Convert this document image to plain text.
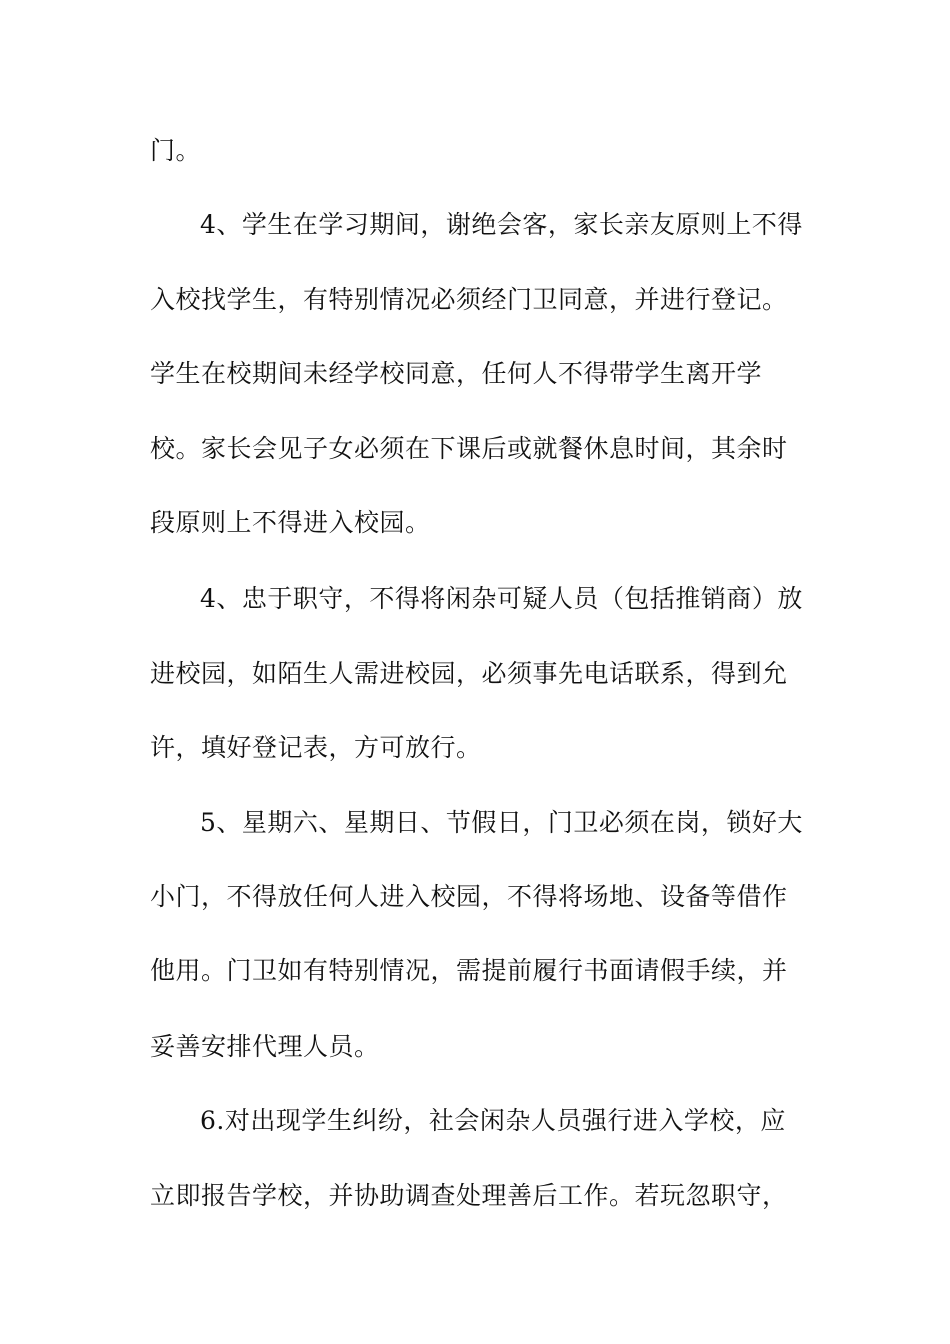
门。
4、学生在学习期间，谢绝会客，家长亲友原则上不得
入校找学生，有特别情况必须经门卫同意，并进行登记。
学生在校期间未经学校同意，任何人不得带学生离开学
校。家长会见子女必须在下课后或就餐休息时间，其余时
段原则上不得进入校园。
4、忠于职守，不得将闲杂可疑人员（包括推销商）放
进校园，如陌生人需进校园，必须事先电话联系，得到允
许，填好登记表，方可放行。
5、星期六、星期日、节假日，门卫必须在岗，锁好大
小门，不得放任何人进入校园，不得将场地、设备等借作
他用。门卫如有特别情况，需提前履行书面请假手续，并
妥善安排代理人员。
6.对出现学生纠纷，社会闲杂人员强行进入学校，应
立即报告学校，并协助调查处理善后工作。若玩忽职守，
